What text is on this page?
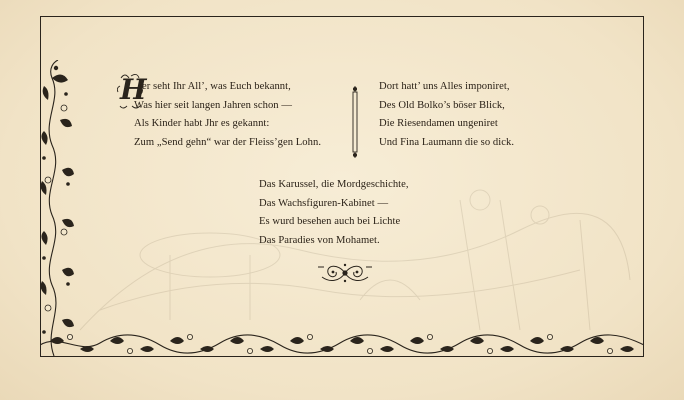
H
ier seht Ihr All’, was Euch bekannt,
Was hier seit langen Jahren schon —
Als Kinder habt Jhr es gekannt:
Zum „Send gehn“ war der Fleiss’gen Lohn.
Dort hatt’ uns Alles imponiret,
Des Old Bolko’s böser Blick,
Die Riesendamen ungeniret
Und Fina Laumann die so dick.
Das Karussel, die Mordgeschichte,
Das Wachsfiguren-Kabinet —
Es wurd besehen auch bei Lichte
Das Paradies von Mohamet.
